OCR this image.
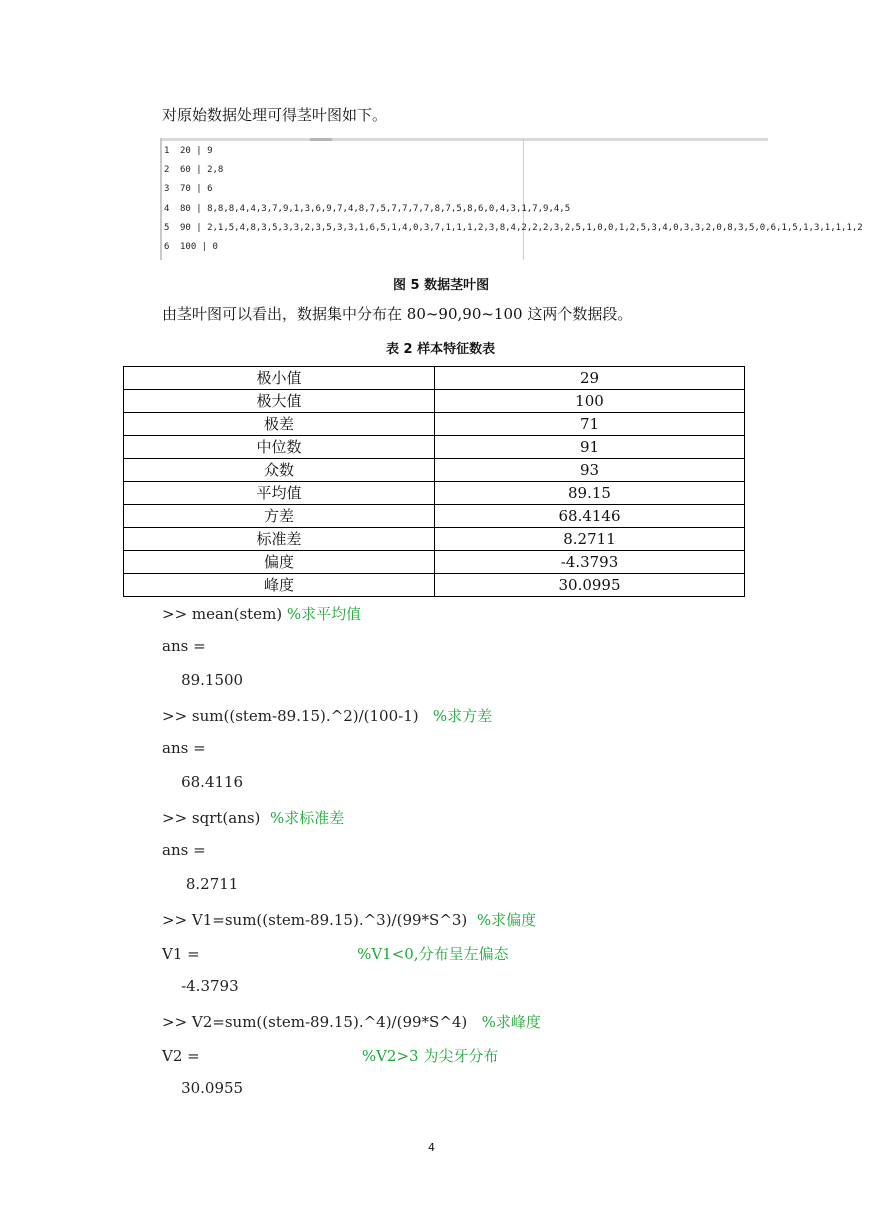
对原始数据处理可得茎叶图如下。
1 20 | 9
2 60 | 2,8
3 70 | 6
4 80 | 8,8,8,4,4,3,7,9,1,3,6,9,7,4,8,7,5,7,7,7,7,8,7,5,8,6,0,4,3,1,7,9,4,5
5 90 | 2,1,5,4,8,3,5,3,3,2,3,5,3,3,1,6,5,1,4,0,3,7,1,1,1,2,3,8,4,2,2,2,3,2,5,1,0,0,1,2,5,3,4,0,3,3,2,0,8,3,5,0,6,1,5,1,3,1,1,1,2
6 100 | 0
图 5 数据茎叶图
由茎叶图可以看出，数据集中分布在 80~90,90~100 这两个数据段。
表 2 样本特征数表
极小值	29
极大值	100
极差	71
中位数	91
众数	93
平均值	89.15
方差	68.4146
标准差	8.2711
偏度	-4.3793
峰度	30.0995
>> mean(stem) %求平均值
ans =
89.1500
>> sum((stem-89.15).^2)/(100-1)   %求方差
ans =
68.4116
>> sqrt(ans)  %求标准差
ans =
8.2711
>> V1=sum((stem-89.15).^3)/(99*S^3)  %求偏度
V1 =                                 %V1<0,分布呈左偏态
-4.3793
>> V2=sum((stem-89.15).^4)/(99*S^4)   %求峰度
V2 =                                  %V2>3 为尖牙分布
30.0955
4
